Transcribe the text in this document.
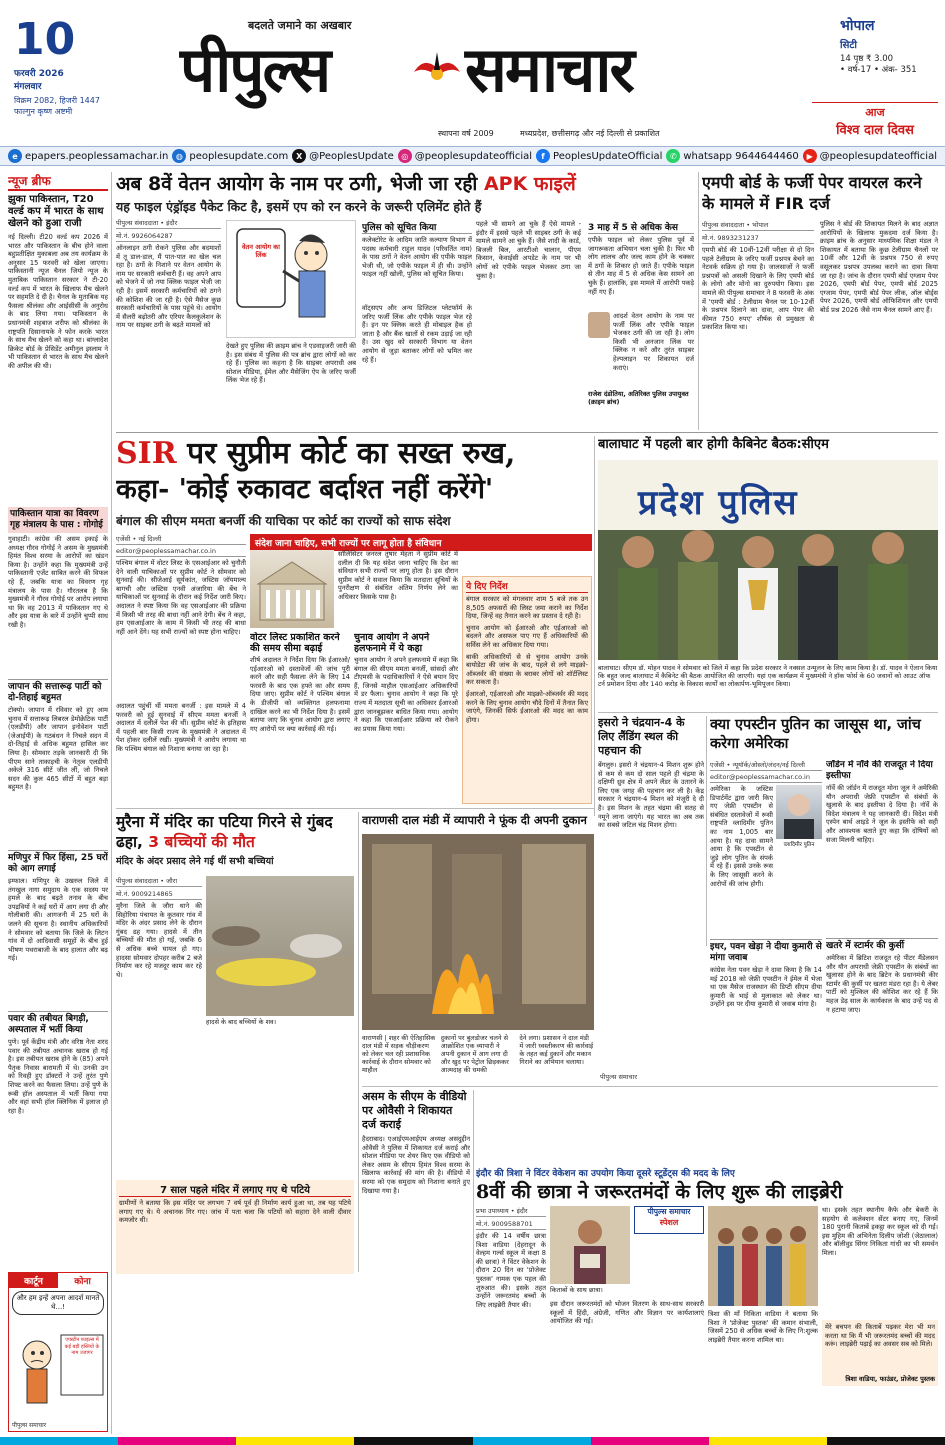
10
फरवरी 2026
मंगलवार
विक्रम 2082, हिजरी 1447
फाल्गुन कृष्ण अष्टमी
बदलते जमाने का अखबार
पीपुल्स समाचार
स्थापना वर्ष 2009	मध्यप्रदेश, छत्तीसगढ़ और नई दिल्ली से प्रकाशित
भोपाल
सिटी
14 पृष्ठ ₹ 3.00
• वर्ष-17 • अंक- 351
आज
विश्व दाल दिवस
e epapers.peoplessamachar.in ◍ peoplesupdate.com X @PeoplesUpdate ◎ @peoplesupdateofficial	f PeoplesUpdateOfficial ✆ whatsapp 9644644460 ▶ @peoplesupdateofficial
न्यूज ब्रीफ
झुका पाकिस्तान, T20 वर्ल्ड कप में भारत के साथ खेलने को हुआ राजी
नई दिल्ली। टी20 वर्ल्ड कप 2026 में भारत और पाकिस्तान के बीच होने वाला बहुप्रतीक्षित मुकाबला अब तय कार्यक्रम के अनुसार 15 फरवरी को खेला जाएगा। पाकिस्तानी न्यूज चैनल जियो न्यूज के मुताबिक पाकिस्तान सरकार ने टी-20 वर्ल्ड कप में भारत के खिलाफ मैच खेलने पर सहमति दे दी है। चैनल के मुताबिक यह फैसला श्रीलंका और आईसीसी के अनुरोध के बाद लिया गया। पाकिस्तान के प्रधानमंत्री शहबाज शरीफ को श्रीलंका के राष्ट्रपति दिसानायके ने फोन करके भारत के साथ मैच खेलने को कहा था। बांग्लादेश क्रिकेट बोर्ड के प्रेसिडेंट अमीनुल इस्लाम ने भी पाकिस्तान से भारत के साथ मैच खेलने की अपील की थी।
पाकिस्तान यात्रा का विवरण गृह मंत्रालय के पास : गोगोई
गुवाहाटी। कांग्रेस की असम इकाई के अध्यक्ष गौरव गोगोई ने असम के मुख्यमंत्री हिमंत विश्व सरमा के आरोपों का खंडन किया है। उन्होंने कहा कि मुख्यमंत्री उन्हें पाकिस्तानी एजेंट साबित करने की विफल रहे हैं, जबकि यात्रा का विवरण गृह मंत्रालय के पास है। गौरतलब है कि मुख्यमंत्री ने गौरव गोगोई पर आरोप लगाया था कि वह 2013 में पाकिस्तान गए थे और इस यात्रा के बारे में उन्होंने चुप्पी साध रखी है।
जापान की सत्तारूढ़ पार्टी को दो-तिहाई बहुमत
टोक्यो। जापान में रविवार को हुए आम चुनाव में सत्तारूढ़ लिबरल डेमोक्रेटिक पार्टी (एलडीपी) और जापान इनोवेशन पार्टी (जेआईपी) के गठबंधन ने निचले सदन में दो-तिहाई से अधिक बहुमत हासिल कर लिया है। सोमवार तड़के जानकारी दी कि पीएम साने ताकाइची के नेतृत्व एलडीपी अकेले 316 सीटें जीत लीं, जो निचले सदन की कुल 465 सीटों में बहुत बड़ा बहुमत है।
मणिपुर में फिर हिंसा, 25 घरों को आग लगाई
इम्फाल। मणिपुर के उखरुल जिले में तंगखुल नागा समुदाय के एक सदस्य पर हमले के बाद बढ़ते तनाव के बीच उपद्रवियों ने कई घरों में आग लगा दी और गोलीबारी की। आगजनी में 25 घरों के जलने की सूचना है। स्थानीय अधिकारियों ने सोमवार को बताया कि जिले के लिटन गांव में दो आदिवासी समूहों के बीच हुई भीषण पथराबाजी के बाद हालात और बढ़ गई।
पवार की तबीयत बिगड़ी, अस्पताल में भर्ती किया
पुणे। पूर्व केंद्रीय मंत्री और वरिष्ठ नेता शरद पवार की तबीयत अचानक खराब हो गई है। इस तबीयत खराब होने के (85) अपने पैतृक निवास बारामती में थे। उनकी उन को रिवही हुए डॉक्टरों ने उन्हें तुरंत पुणे शिफ्ट करने का फैसला लिया। उन्हें पुणे के रूबी हॉल अस्पताल में भर्ती किया गया और वहां सभी हॉल क्लिनिक में इलाज हो रहा है।
कार्टून	कोना
और हम इन्हें अपना आदर्श मानते थे...!
एपस्टीन फाइल्स में कई बड़ी हस्तियों के नाम उजागर
पीपुल्स समाचार
अब 8वें वेतन आयोग के नाम पर ठगी, भेजी जा रही APK फाइलें
यह फाइल एंड्रॉइड पैकेट किट है, इसमें एप को रन करने के जरूरी एलिमेंट होते हैं
पीपुल्स संवाददाता • इंदौर
मो.नं. 9926064287
ऑनलाइन ठगी रोकने पुलिस और बदमाशों में तू डाल-डाल, मैं पात-पात का खेल चल रहा है। ठगों के निशाने पर वेतन आयोग के नाम पर सरकारी कर्मचारी हैं। वह अपने आप को भेजने में जो नया क्लिक फाइल भेजी जा रही है। इसमें सरकारी कर्मचारियों को ठगने की कोशिश की जा रही है। ऐसे मैसेज कुछ सरकारी कर्मचारियों के पास पहुंचे थे। आयोग में सैलरी बढ़ोतरी और एरियर कैलकुलेशन के नाम पर साइबर ठगी के बढ़ते मामलों को
वेतन आयोग का लिंक
देखते हुए पुलिस की क्राइम ब्रांच ने एडवाइजरी जारी की है। इस संबंध में पुलिस की पत्र ब्रांच द्वारा लोगों को कर रहे हैं। पुलिस का कहना है कि साइबर अपराधी अब सोशल मीडिया, ईमेल और मैसेजिंग ऐप के जरिए फर्जी लिंक भेज रहे हैं।
पुलिस को सूचित किया
कलेक्टोरेट के आदिम जाति कल्याण विभाग में पदस्थ कर्मचारी राहुल यादव (परिवर्तित नाम) के पास ठगों ने वेतन आयोग की एपीके फाइल भेजी थी, जो एपीके फाइल में ही थी। उन्होंने फाइल नहीं खोली, पुलिस को सूचित किया।
वॉट्सएप और अन्य डिजिटल प्लेटफॉर्म के जरिए फर्जी लिंक और एपीके फाइल भेज रहे हैं। इन पर क्लिक करते ही मोबाइल हैक हो जाता है और बैंक खातों से रकम उड़ाई जा रही है। उस खुद को सरकारी विभाग या वेतन आयोग से जुड़ा बताकर लोगों को भ्रमित कर रहे हैं।
पहले भी सामने आ चुके हैं ऐसे मामले - इंदौर में इससे पहले भी साइबर ठगी के कई मामले सामने आ चुके हैं। जैसे शादी के कार्ड, बिजली बिल, आरटीओ चालान, पीएम किसान, केवाईसी अपडेट के नाम पर भी लोगों को एपीके फाइल भेजकर ठगा जा चुका है।
3 माह में 5 से अधिक केस
एपीके फाइल को लेकर पुलिस पूर्व में जागरूकता अभियान चला चुकी है। फिर भी लोग लालच और जल्द काम होने के चक्कर में ठगों के शिकार हो जाते हैं। एपीके फाइल से तीन माह में 5 से अधिक केस सामने आ चुके हैं। हालांकि, इस मामले में आरोपी पकड़े नहीं गए हैं।
आदर्श वेतन आयोग के नाम पर फर्जी लिंक और एपीके फाइल भेजकर ठगी की जा रही है। लोग किसी भी अनजान लिंक पर क्लिक न करें और तुरंत साइबर हेल्पलाइन पर शिकायत दर्ज कराएं।
राजेश दंडोतिया, अतिरिक्त पुलिस उपायुक्त (क्राइम ब्रांच)
एमपी बोर्ड के फर्जी पेपर वायरल करने के मामले में FIR दर्ज
पीपुल्स संवाददाता • भोपाल
मो.नं. 9893231237
एमपी बोर्ड की 10वीं-12वीं परीक्षा से दो दिन पहले टेलीग्राम के जरिए फर्जी प्रश्नपत्र बेचने का नेटवर्क सक्रिय हो गया है। जालसाजों ने फर्जी प्रश्नपत्रों को असली दिखाने के लिए एमपी बोर्ड के लोगो और मोनो का दुरुपयोग किया। इस मामले की पीपुल्स समाचार ने 8 फरवरी के अंक में 'एमपी बोर्ड : टेलीग्राम चैनल पर 10-12वीं के प्रश्नपत्र दिलाने का दावा, आप पेपर की कीमत 750 रुपए' शीर्षक से प्रमुखता से प्रकाशित किया था।
पुलिस ने बोर्ड की शिकायत मिलने के बाद अज्ञात आरोपियों के खिलाफ मुकदमा दर्ज किया है। क्राइम ब्रांच के अनुसार माध्यमिक शिक्षा मंडल ने शिकायत में बताया कि कुछ टेलीग्राम चैनलों पर 10वीं और 12वीं के प्रश्नपत्र 750 से रुपए वसूलकर प्रश्नपत्र उपलब्ध कराने का दावा किया जा रहा है। जांच के दौरान एमपी बोर्ड एग्जाम पेपर 2026, एमपी बोर्ड पेपर, एमपी बोर्ड 2025 एग्जाम पेपर, एमपी बोर्ड पेपर लीक, ऑल बोर्ड्स पेपर 2026, एमपी बोर्ड ऑफिशियल और एमपी बोर्ड प्रश्न 2026 जैसे नाम चैनल सामने आए हैं।
SIR पर सुप्रीम कोर्ट का सख्त रुख,
कहा- 'कोई रुकावट बर्दाश्त नहीं करेंगे'
बंगाल की सीएम ममता बनर्जी की याचिका पर कोर्ट का राज्यों को साफ संदेश
एजेंसी • नई दिल्ली
editor@peoplessamachar.co.in
पश्चिम बंगाल में वोटर लिस्ट के एसआईआर को चुनौती देने वाली याचिकाओं पर सुप्रीम कोर्ट ने सोमवार को सुनवाई की। सीजेआई सूर्यकांत, जस्टिस जॉयमाल्य बागची और जस्टिस एनवी अंजारिया की बेंच ने याचिकाओं पर सुनवाई के दौरान कई निर्देश जारी किए। अदालत ने स्पष्ट किया कि वह एसआईआर की प्रक्रिया में किसी भी तरह की बाधा नहीं आने देगी। बेंच ने कहा, हम एसआईआर के काम में किसी भी तरह की बाधा नहीं आने देंगे। यह सभी राज्यों को स्पष्ट होना चाहिए।
अदालत पहुंचीं थीं ममता बनर्जी : इस मामले में 4 फरवरी को हुई सुनवाई में सीएम ममता बनर्जी ने अदालत में दलीलें पेश की थीं। सुप्रीम कोर्ट के इतिहास में पहली बार किसी राज्य के मुख्यमंत्री ने अदालत में पेश होकर दलीलें रखीं। मुख्यमंत्री ने आरोप लगाया था कि पश्चिम बंगाल को निशाना बनाया जा रहा है।
संदेश जाना चाहिए, सभी राज्यों पर लागू होता है संविधान
सॉलिसिटर जनरल तुषार मेहता ने सुप्रीम कोर्ट में दलील दी कि यह संदेश जाना चाहिए कि देश का संविधान सभी राज्यों पर लागू होता है। इस दौरान सुप्रीम कोर्ट ने सवाल किया कि मतदाता सूचियों के पुनरीक्षण से संबंधित अंतिम निर्णय लेने का अधिकार किसके पास है।
ये दिए निर्देश
बंगाल सरकार को मंगलवार शाम 5 बजे तक उन 8,505 अफसरों की लिस्ट जमा कराने का निर्देश दिया, जिन्हें वह तैनात करने का प्रस्ताव दे रही है।
चुनाव आयोग को ईआरओ और एईआरओ को बदलने और असफल पाए गए हैं अधिकारियों की सर्विस लेने का अधिकार दिया गया।
बाकी अधिकारियों से से चुनाव आयोग उनके बायोडेटा की जांच के बाद, पहले से लगे माइक्रो-ऑब्जर्वर की संख्या के बराबर लोगों को शॉर्टलिस्ट कर सकता है।
ईआरओ, एईआरओ और माइक्रो-ऑब्जर्वर की मदद करने के लिए चुनाव आयोग चौदे दिनों में तैनात किए जाएंगे, जिनकी सिर्फ ईआरओ की मदद का काम होगा।
वोटर लिस्ट प्रकाशित करने की समय सीमा बढ़ाई
शीर्ष अदालत ने निर्देश दिया कि ईआरओ/एईआरओ को दस्तावेजों की जांच पूरी करने और सही फैसला लेने के लिए 14 फरवरी के बाद एक हफ्ते का और समय दिया जाए। सुप्रीम कोर्ट ने पश्चिम बंगाल के डीजीपी को व्यक्तिगत हलफनामा दाखिल करने का भी निर्देश दिया है। इसमें बताया जाए कि चुनाव आयोग द्वारा लगाए गए आरोपों पर क्या कार्रवाई की गई।
चुनाव आयोग ने अपने हलफनामे में ये कहा
चुनाव आयोग ने अपने हलफनामे में कहा कि बंगाल की सीएम ममता बनर्जी, सांसदों और टीएमसी के पदाधिकारियों ने ऐसे बयान दिए हैं, जिनसे माहौल एसआईआर अधिकारियों में डर फैला। चुनाव आयोग ने कहा कि पूरे राज्य में मतदाता सूची का अधिकार ईआरओ द्वारा जानबूझकर बाधित किया गया। आयोग ने कहा कि एसआईआर प्रक्रिया को रोकने का प्रयास किया गया।
बालाघाट में पहली बार होगी कैबिनेट बैठक:सीएम
प्रदेश पुलिस
बालाघाट। सीएम डॉ. मोहन यादव ने सोमवार को जिले में कहा कि प्रदेश सरकार ने नक्सल उन्मूलन के लिए काम किया है। डॉ. यादव ने ऐलान किया कि बहुत जल्द बालाघाट में कैबिनेट की बैठक आयोजित की जाएगी। यहां एक कार्यक्रम में मुख्यमंत्री ने हॉक फोर्स के 60 जवानों को आउट ऑफ टर्न प्रमोशन दिया और 140 करोड़ के विकास कार्यों का लोकार्पण-भूमिपूजन किया।
इसरो ने चंद्रयान-4 के लिए लैंडिंग स्थल की पहचान की
बेंगलुरु। इसरो ने चंद्रयान-4 मिशन शुरू होने से कम से कम दो साल पहले ही चंद्रमा के दक्षिणी ध्रुव क्षेत्र में अपने लैंडर के उतारने के लिए एक जगह की पहचान कर ली है। केंद्र सरकार ने चंद्रयान-4 मिशन को मंजूरी दे दी है। इस मिशन के तहत चंद्रमा की सतह से नमूने लाना जाएंगे। यह भारत का अब तक का सबसे जटिल चंद्र मिशन होगा।
क्या एपस्टीन पुतिन का जासूस था, जांच करेगा अमेरिका
एजेंसी • न्यूयॉर्क/ओस्लो/लंदन/नई दिल्ली
editor@peoplessamachar.co.in
व्लादिमीर पुतिन
अमेरिका के जस्टिस डिपार्टमेंट द्वारा जारी किए गए जेफ्री एपस्टीन से संबंधित दस्तावेजों में रूसी राष्ट्रपति व्लादिमीर पुतिन का नाम 1,005 बार आया है। यह दावा सामने आया है कि एपस्टीन से जुड़े लोग पुतिन के संपर्क में रहे हैं। इससे उनके रूस के लिए जासूसी करने के आरोपों की जांच होगी।
इधर, पवन खेड़ा ने दीया कुमारी से मांगा जवाब
कांग्रेस नेता पवन खेड़ा ने दावा किया है कि 14 मई 2018 को जेफ्री एपस्टीन ने ईमेल में भेजा था एक मैसेज राजस्थान की डिप्टी सीएम दीया कुमारी के भाई से मुलाकात को लेकर था। उन्होंने इस पर दीया कुमारी से जवाब मांगा है।
जॉर्डन में नॉर्वे की राजदूत ने दिया इस्तीफा
नॉर्वे की जॉर्डन में राजदूत मोना जूल ने अमेरिकी यौन अपराधी जेफ्री एपस्टीन से संबंधों के खुलासे के बाद इस्तीफा दे दिया है। नॉर्वे के विदेश मंत्रालय ने यह जानकारी दी। विदेश मंत्री एस्पेन बार्थ आइडे ने जूल के इस्तीफे को सही और आवश्यक बताते हुए कहा कि दोषियों को सजा मिलनी चाहिए।
खतरे में स्टार्मर की कुर्सी
अमेरिका में ब्रिटिश राजदूत रहे पीटर मैंडेलसन और यौन अपराधी जेफ्री एपस्टीन के संबंधों का खुलासा होने के बाद ब्रिटेन के प्रधानमंत्री कीर स्टार्मर की कुर्सी पर खतरा मंडरा रहा है। ये लेबर पार्टी को मुश्किल की कोशिश कर रहे हैं कि महज डेढ़ साल के कार्यकाल के बाद उन्हें पद से न हटाया जाए।
मुरैना में मंदिर का पटिया गिरने से गुंबद ढहा, 3 बच्चियों की मौत
मंदिर के अंदर प्रसाद लेने गई थीं सभी बच्चियां
पीपुल्स संवाददाता • जौरा
मो.नं. 9009214865
मुरैना जिले के जौरा थाने की सिहोरिया पंचायत के कुतवार गांव में मंदिर के अंदर प्रसाद लेने के दौरान गुंबद ढह गया। हादसे में तीन बच्चियों की मौत हो गई, जबकि 6 से अधिक बच्चे घायल हो गए। हादसा सोमवार दोपहर करीब 2 बजे निर्माण कर रहे मजदूर काम कर रहे थे।
हादसे के बाद बच्चियों के शव।
7 साल पहले मंदिर में लगाए गए थे पटिये
ग्रामीणों ने बताया कि इस मंदिर पर लगभग 7 वर्ष पूर्व ही निर्माण कार्य हुआ था, तब यह पटिये लगाए गए थे। ये अचानक गिर गए। जांच में पता चला कि पटियों को सहारा देने वाली दीवार कमजोर थी।
वाराणसी दाल मंडी में व्यापारी ने फूंक दी अपनी दुकान
वाराणसी | शहर की ऐतिहासिक दाल मंडी में सड़क चौड़ीकरण को लेकर चल रही प्रशासनिक कार्रवाई के दौरान सोमवार को माहौल
दुकानों पर बुलडोजर चलने से आक्रोशित एक व्यापारी ने अपनी दुकान में आग लगा दी और खुद पर पेट्रोल छिड़ककर आत्मदाह की धमकी
देने लगा। प्रशासन ने दाल मंडी में जारी ध्वस्तीकरण की कार्रवाई के तहत कई दुकानें और मकान गिराने का अभियान चलाया।
पीपुल्स समाचार
असम के सीएम के वीडियो पर ओवैसी ने शिकायत दर्ज कराई
हैदराबाद। एआईएमआईएम अध्यक्ष असदुद्दीन ओवैसी ने पुलिस में शिकायत दर्ज कराई और सोशल मीडिया पर शेयर किए एक वीडियो को लेकर असम के सीएम हिमंत विश्व सरमा के खिलाफ कार्रवाई की मांग की है। वीडियो में सरमा को एक समुदाय को निशाना बनाते हुए दिखाया गया है।
इंदौर की त्रिशा ने विंटर वेकेशन का उपयोग किया दूसरे स्टूडेंट्स की मदद के लिए
8वीं की छात्रा ने जरूरतमंदों के लिए शुरू की लाइब्रेरी
प्रभा उपाध्याय • इंदौर
मो.नं. 9009588701
इंदौर की 14 वर्षीय छात्रा त्रिशा वाडिया (देहरादून के वेल्हम गर्ल्स स्कूल में कक्षा 8 की छात्रा) ने विंटर वेकेशन के दौरान 20 दिन का 'प्रोजेक्ट पुस्तक' नामक एक पहल की शुरुआत की। इसके तहत उन्होंने जरूरतमंद बच्चों के लिए लाइब्रेरी तैयार की।
किताबों के साथ छात्रा।
पीपुल्स समाचार
स्पेशल
इस दौरान जरूरतमंदों को भोजन वितरण के साथ-साथ सरकारी स्कूलों में हिंदी, अंग्रेजी, गणित और विज्ञान पर कार्यशालाएं आयोजित की गईं।
त्रिशा की माँ निकिता वाडिया ने बताया कि त्रिशा ने 'प्रोजेक्ट पुस्तक' की कमान संभाली, जिसमें 250 से अधिक बच्चों के लिए नि:शुल्क लाइब्रेरी तैयार करना शामिल था।
था। इसके तहत स्थानीय कैफे और बेकरी के सहयोग से कलेक्शन सेंटर बनाए गए, जिनमें 180 पुरानी किताबें इकट्ठा कर स्कूल को दी गईं। इस मुहिम की अभिनेता दिलीप जोशी (जेठालाल) और बॉलीवुड सिंगर निकिता गांधी का भी समर्थन मिला।
मेरे बचपन की किताबें पढ़कर मेरा भी मन करता था कि मैं भी जरूरतमंद बच्चों की मदद करूं। लाइब्रेरी पढ़ाई का अवसर सब को मिले।
त्रिशा वाडिया, फाउंडर, प्रोजेक्ट पुस्तक
